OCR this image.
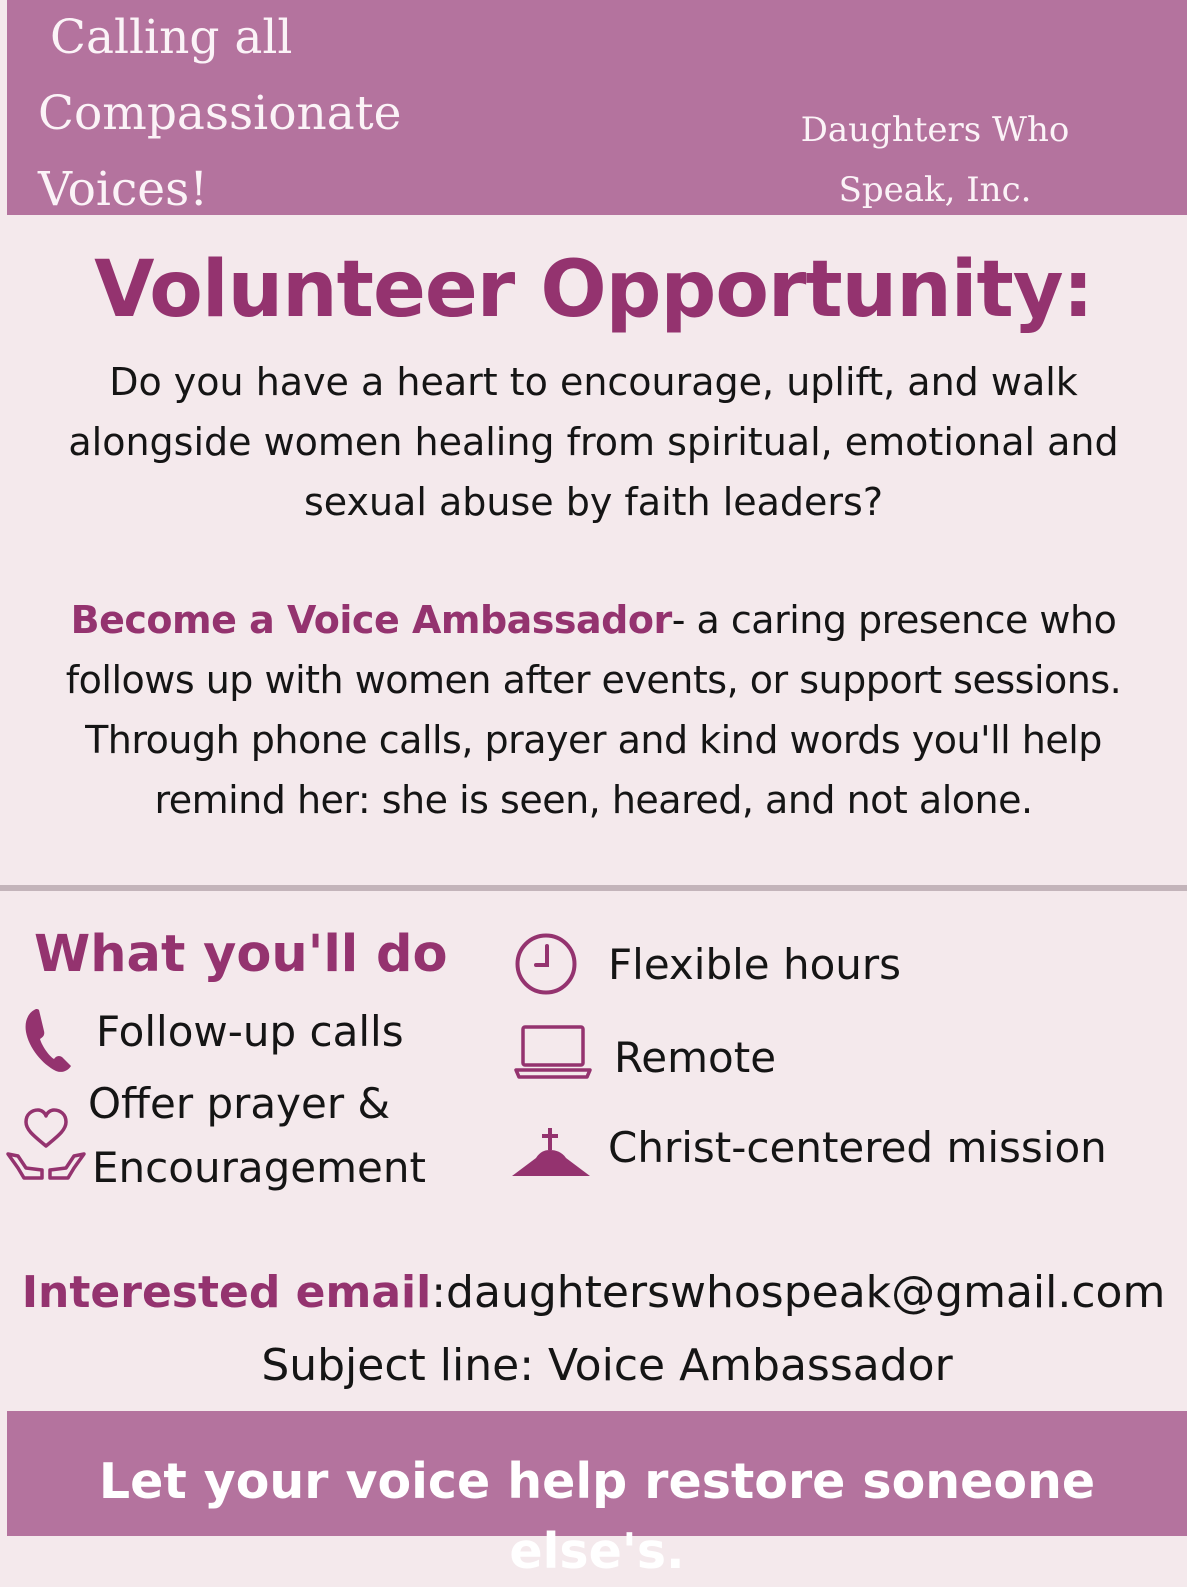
Calling all
Compassionate
Voices!
Daughters Who
Speak, Inc.
Volunteer Opportunity:
Do you have a heart to encourage, uplift, and walk
alongside women healing from spiritual, emotional and
sexual abuse by faith leaders?
Become a Voice Ambassador- a caring presence who
follows up with women after events, or support sessions.
Through phone calls, prayer and kind words you'll help
remind her: she is seen, heared, and not alone.
What you'll do
Follow-up calls
Offer prayer &
Encouragement
Flexible hours
Remote
Christ-centered mission
Interested email:daughterswhospeak@gmail.com
Subject line: Voice Ambassador
Let your voice help restore soneone else's.
